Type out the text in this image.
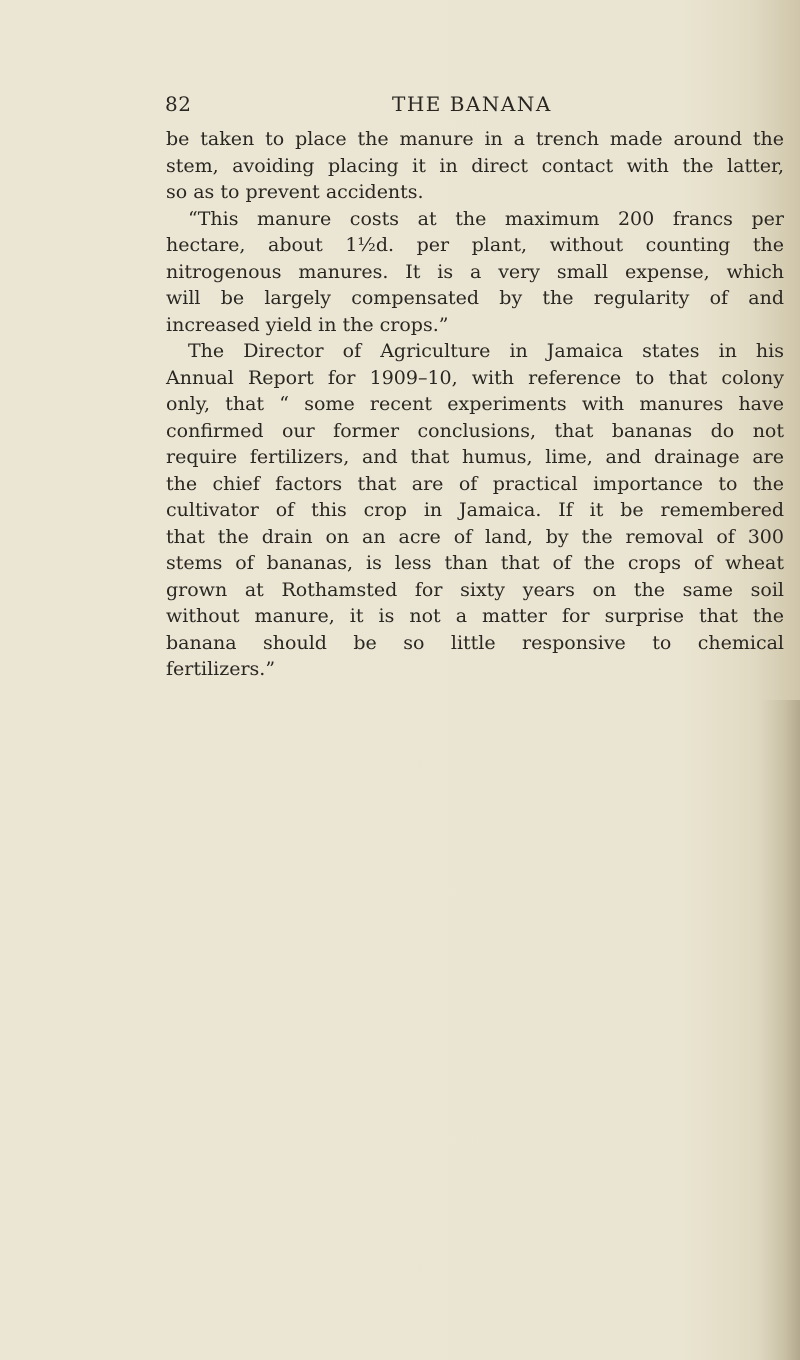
82	THE BANANA
be taken to place the manure in a trench made around the
stem, avoiding placing it in direct contact with the latter,
so as to prevent accidents.
“This manure costs at the maximum 200 francs per
hectare, about 1½d. per plant, without counting the
nitrogenous manures. It is a very small expense, which
will be largely compensated by the regularity of and
increased yield in the crops.”
The Director of Agriculture in Jamaica states in his
Annual Report for 1909–10, with reference to that colony
only, that “ some recent experiments with manures have
confirmed our former conclusions, that bananas do not
require fertilizers, and that humus, lime, and drainage are
the chief factors that are of practical importance to the
cultivator of this crop in Jamaica. If it be remembered
that the drain on an acre of land, by the removal of 300
stems of bananas, is less than that of the crops of wheat
grown at Rothamsted for sixty years on the same soil
without manure, it is not a matter for surprise that the
banana should be so little responsive to chemical
fertilizers.”
